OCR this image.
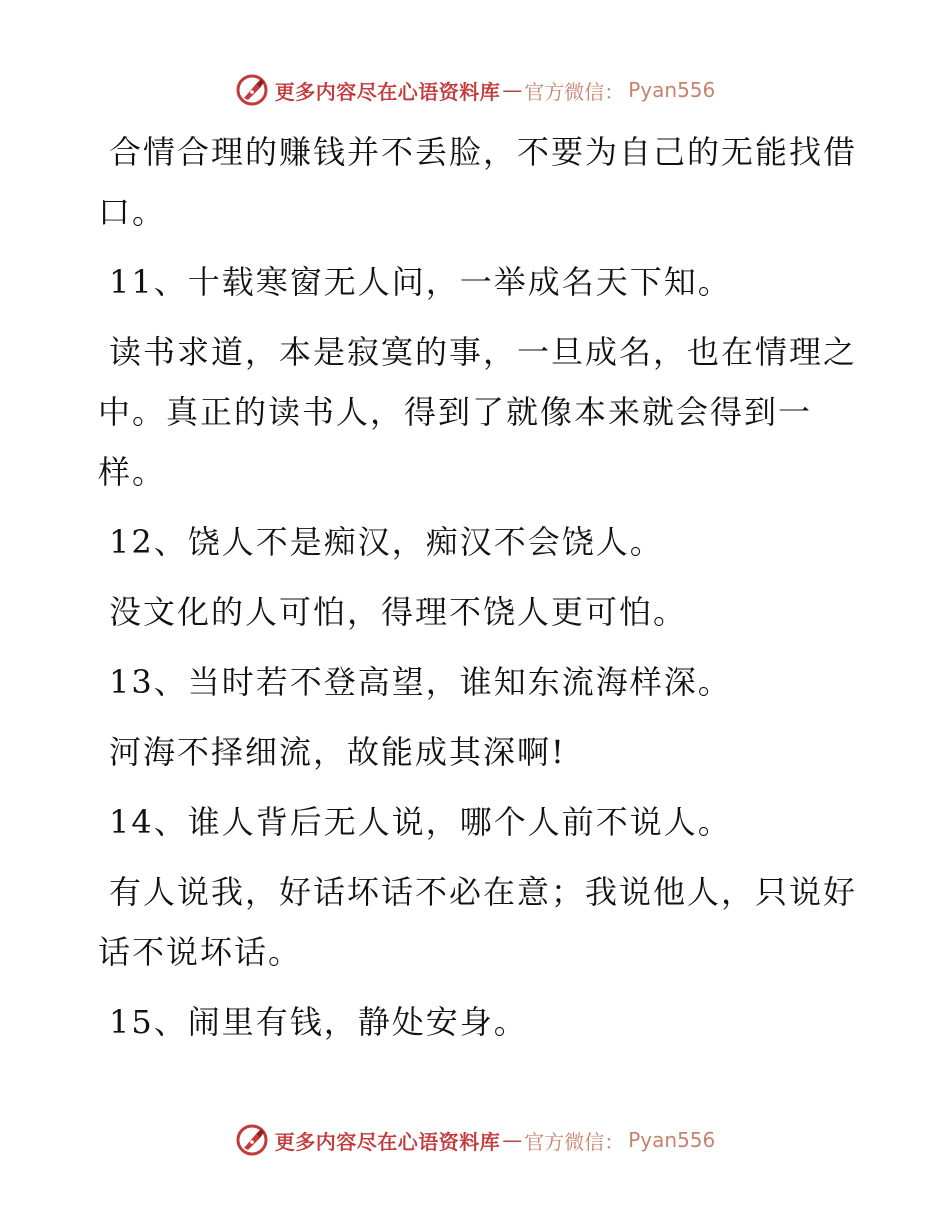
更多内容尽在心语资料库 — 官方微信： Pyan556

合情合理的赚钱并不丢脸，不要为自己的无能找借口。

11、十载寒窗无人问，一举成名天下知。

读书求道，本是寂寞的事，一旦成名，也在情理之中。真正的读书人，得到了就像本来就会得到一样。

12、饶人不是痴汉，痴汉不会饶人。

没文化的人可怕，得理不饶人更可怕。

13、当时若不登高望，谁知东流海样深。

河海不择细流，故能成其深啊!

14、谁人背后无人说，哪个人前不说人。

有人说我，好话坏话不必在意；我说他人，只说好话不说坏话。

15、闹里有钱，静处安身。

更多内容尽在心语资料库 — 官方微信： Pyan556
